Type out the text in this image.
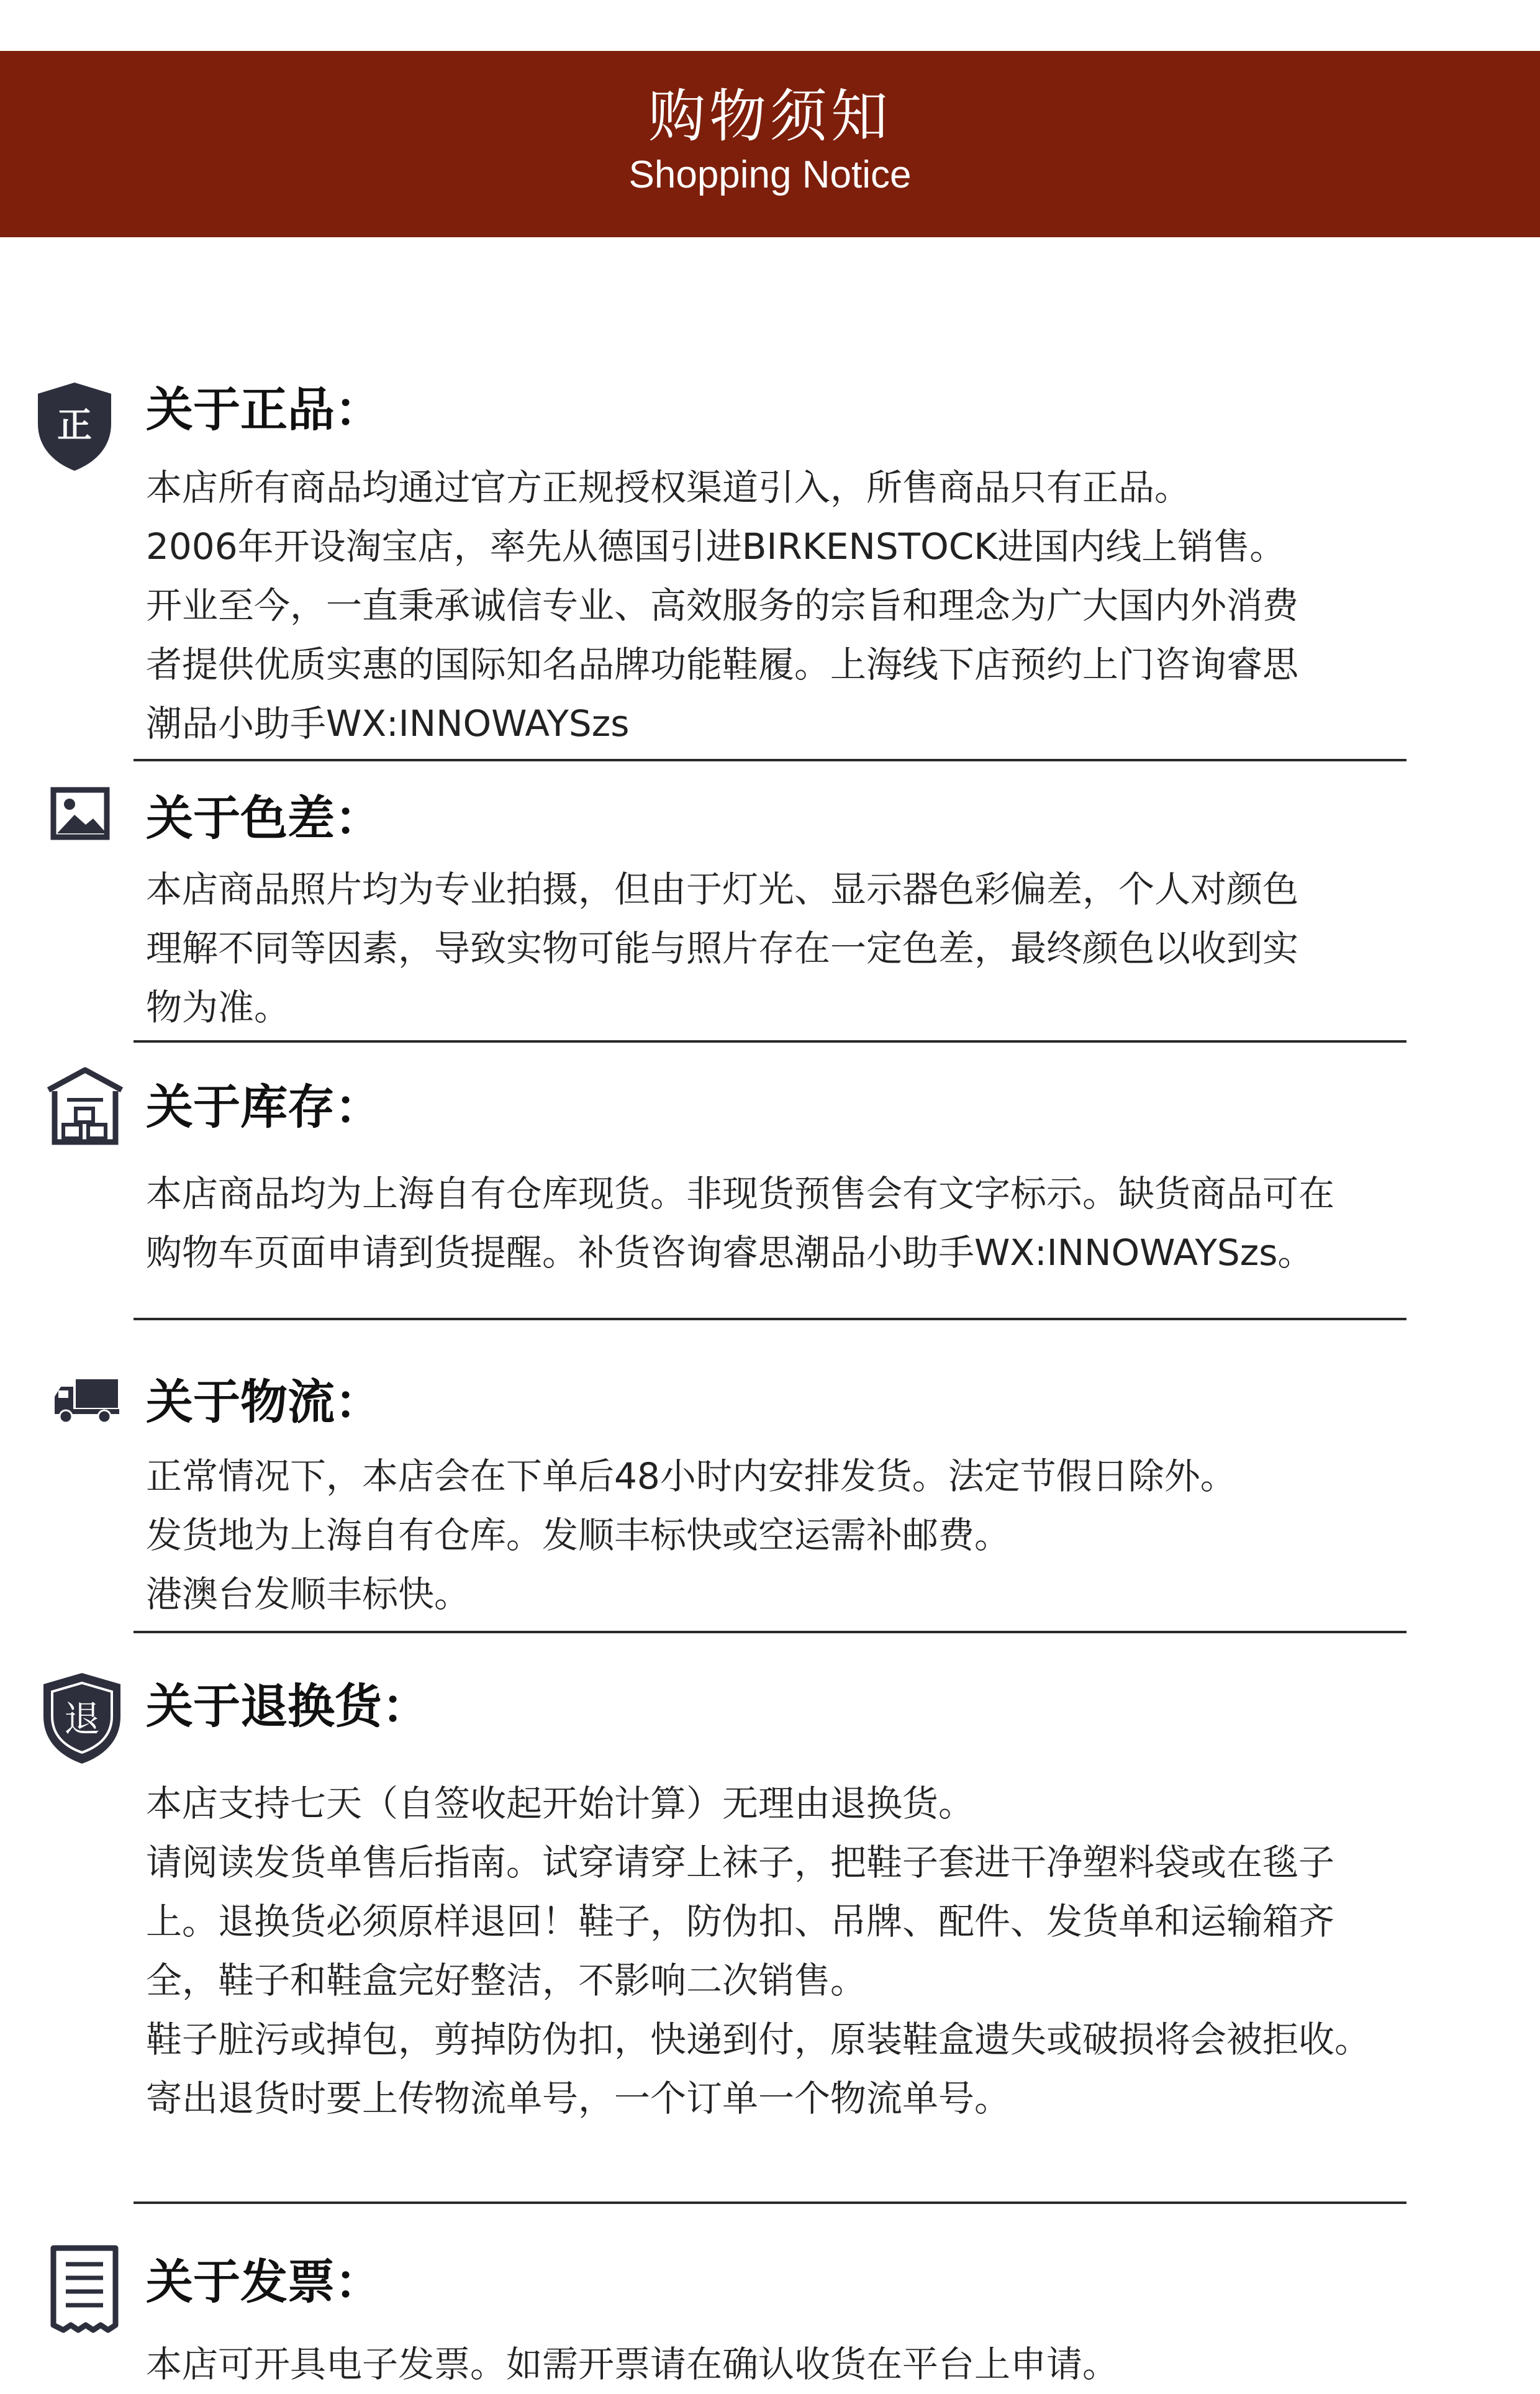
购物须知
Shopping Notice
正 关于正品：
本店所有商品均通过官方正规授权渠道引入，所售商品只有正品。
2006年开设淘宝店，率先从德国引进BIRKENSTOCK进国内线上销售。
开业至今，一直秉承诚信专业、高效服务的宗旨和理念为广大国内外消费
者提供优质实惠的国际知名品牌功能鞋履。上海线下店预约上门咨询睿思
潮品小助手WX:INNOWAYSzs
关于色差：
本店商品照片均为专业拍摄，但由于灯光、显示器色彩偏差，个人对颜色
理解不同等因素，导致实物可能与照片存在一定色差，最终颜色以收到实
物为准。
关于库存：
本店商品均为上海自有仓库现货。非现货预售会有文字标示。缺货商品可在
购物车页面申请到货提醒。补货咨询睿思潮品小助手WX:INNOWAYSzs。
关于物流：
正常情况下，本店会在下单后48小时内安排发货。法定节假日除外。
发货地为上海自有仓库。发顺丰标快或空运需补邮费。
港澳台发顺丰标快。
退 关于退换货：
本店支持七天（自签收起开始计算）无理由退换货。
请阅读发货单售后指南。试穿请穿上袜子，把鞋子套进干净塑料袋或在毯子
上。退换货必须原样退回！鞋子，防伪扣、吊牌、配件、发货单和运输箱齐
全，鞋子和鞋盒完好整洁，不影响二次销售。
鞋子脏污或掉包，剪掉防伪扣，快递到付，原装鞋盒遗失或破损将会被拒收。
寄出退货时要上传物流单号，一个订单一个物流单号。
关于发票：
本店可开具电子发票。如需开票请在确认收货在平台上申请。
